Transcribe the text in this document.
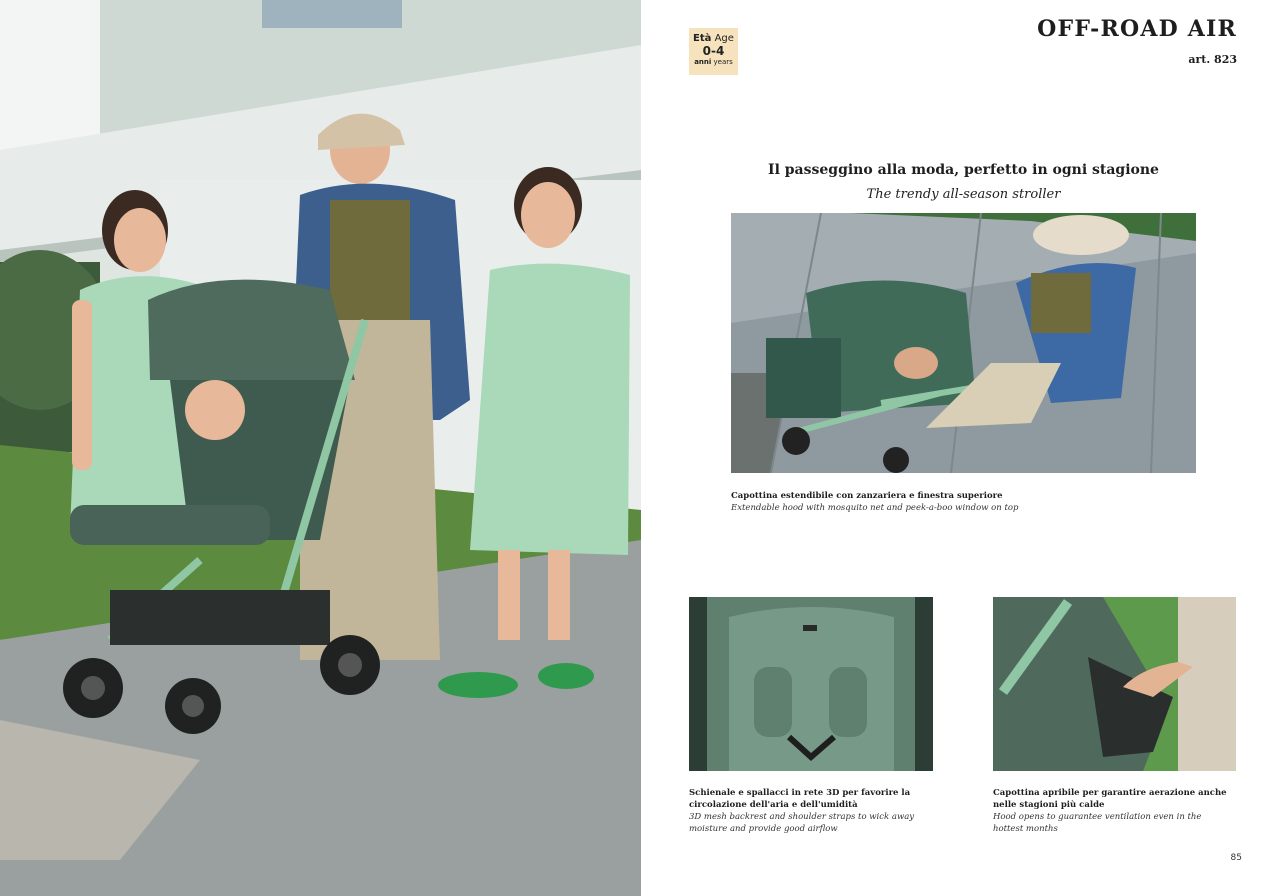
Età Age
0-4
anni years
OFF-ROAD AIR
art. 823
Il passeggino alla moda, perfetto in ogni stagione
The trendy all-season stroller
Capottina estendibile con zanzariera e finestra superiore
Extendable hood with mosquito net and peek-a-boo window on top
Schienale e spallacci in rete 3D per favorire la
circolazione dell'aria e dell'umidità
3D mesh backrest and shoulder straps to wick away
moisture and provide good airflow
Capottina apribile per garantire aerazione anche
nelle stagioni più calde
Hood opens to guarantee ventilation even in the
hottest months
85
